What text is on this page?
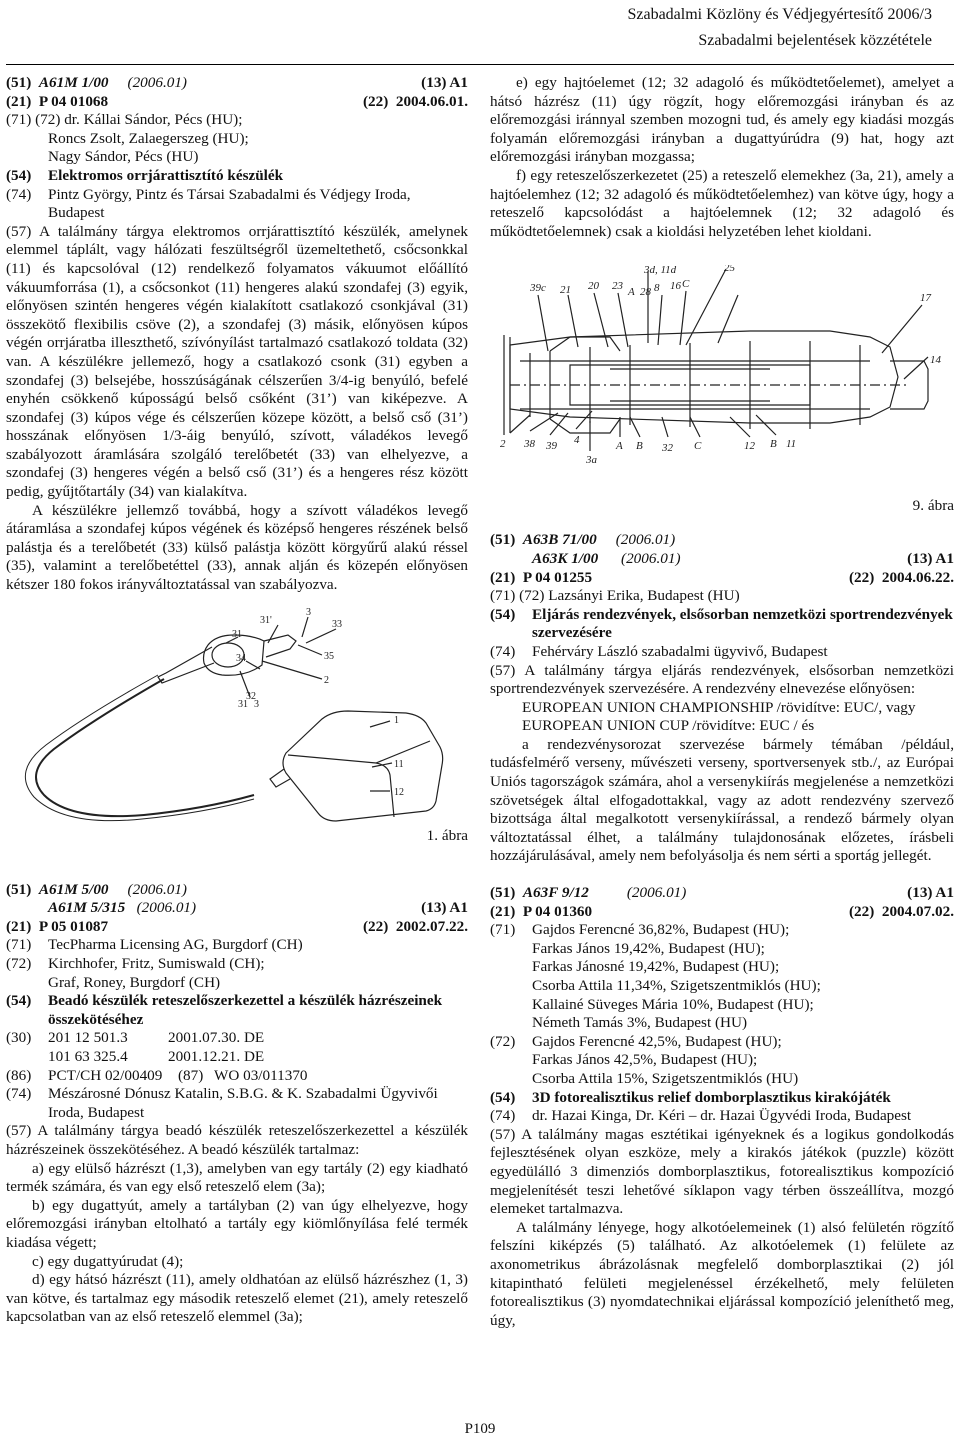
Szabadalmi Közlöny és Védjegyértesítő 2006/3
Szabadalmi bejelentések közzététele
(51) A61M 1/00 (2006.01)	(13) A1
(21) P 04 01068	(22) 2004.06.01.
(71) (72)
dr. Kállai Sándor, Pécs (HU);
Roncs Zsolt, Zalaegerszeg (HU);
Nagy Sándor, Pécs (HU)
(54)	Elektromos orrjárattisztító készülék
(74)	Pintz György, Pintz és Társai Szabadalmi és Védjegy Iroda,
Budapest

(57) A találmány tárgya elektromos orrjárattisztító készülék, amelynek elemmel táplált, vagy hálózati feszültségről üzemeltethető, csőcsonkkal (11) és kapcsolóval (12) rendelkező folyamatos vákuumot előállító vákuumforrása (1), a csőcsonkot (11) hengeres alakú szondafej (3) egyik, előnyösen szintén hengeres végén kialakított csatlakozó csonkjával (31) összekötő flexibilis csöve (2), a szondafej (3) másik, előnyösen kúpos végén orrjáratba illeszthető, szívónyílást tartalmazó csatlakozó toldata (32) van. A készülékre jellemező, hogy a csatlakozó csonk (31) egyben a szondafej (3) belsejébe, hosszúságának célszerűen 3/4-ig benyúló, befelé enyhén csökkenő kúposságú belső csőként (31’) van kiképezve. A szondafej (3) kúpos vége és célszerűen közepe között, a belső cső (31’) hosszának előnyösen 1/3-áig benyúló, szívott, váladékos levegő szabályozott áramlására szolgáló terelőbetét (33) van elhelyezve, a szondafej (3) hengeres végén a belső cső (31’) és a hengeres rész között pedig, gyűjtőtartály (34) van kialakítva.

A készülékre jellemző továbbá, hogy a szívott váladékos levegő átáramlása a szondafej kúpos végének és középső hengeres részének belső palástja és a terelőbetét (33) külső palástja között körgyűrű alakú réssel (35), valamint a terelőbetéttel (33), annak alján és közepén előnyösen kétszer 180 fokos irányváltoztatással van szabályozva.

31'
3
33
31
34	35
2
31 3
32
1
11
12
1. ábra
(51) A61M 5/00 (2006.01)
A61M 5/315 (2006.01)	(13) A1
(21) P 05 01087	(22) 2002.07.22.
(71)	TecPharma Licensing AG, Burgdorf (CH)
(72)	Kirchhofer, Fritz, Sumiswald (CH);
Graf, Roney, Burgdorf (CH)
(54)	Beadó készülék reteszelőszerkezettel a készülék házrészeinek összekötéséhez
(30)	201 12 501.3	2001.07.30. DE
101 63 325.4	2001.12.21. DE
(86)	PCT/CH 02/00409	(87) WO 03/011370
(74)	Mészárosné Dónusz Katalin, S.B.G. & K. Szabadalmi Ügyvivői
Iroda, Budapest

(57) A találmány tárgya beadó készülék reteszelőszerkezettel a készülék házrészeinek összekötéséhez. A beadó készülék tartalmaz:

a) egy elülső házrészt (1,3), amelyben van egy tartály (2) egy kiadható termék számára, és van egy első reteszelő elem (3a);

b) egy dugattyút, amely a tartályban (2) van úgy elhelyezve, hogy előremozgási irányban eltolható a tartály egy kiömlőnyílása felé termék kiadása végett;

c) egy dugattyúrudat (4);

d) egy hátsó házrészt (11), amely oldhatóan az elülső házrészhez (1, 3) van kötve, és tartalmaz egy második reteszelő elemet (21), amely reteszelő kapcsolatban van az első reteszelő elemmel (3a);

e) egy hajtóelemet (12; 32 adagoló és működtetőelemet), amelyet a hátsó házrész (11) úgy rögzít, hogy előremozgási irányban és az előremozgási iránnyal szemben mozogni tud, és amely egy kiadási mozgás folyamán előremozgási irányban a dugattyúrúdra (9) hat, hogy azt előremozgási irányban mozgassa;

f) egy reteszelőszerkezetet (25) a reteszelő elemekhez (3a, 21), amely a hajtóelemhez (12; 32 adagoló és működtetőelemhez) van kötve úgy, hogy a reteszelő kapcsolódást a hajtóelemnek (12; 32 adagoló és működtetőelemnek) csak a kioldási helyzetében lehet kioldani.

3d, 11d
39c 21 20 23 A 28 8 16 C
25
17
14
2 38 39 4
3a
A B 32 C	12 B 11
9. ábra
(51) A63B 71/00 (2006.01)
A63K 1/00 (2006.01)	(13) A1
(21) P 04 01255	(22) 2004.06.22.
(71) (72)
Lazsányi Erika, Budapest (HU)
(54)	Eljárás rendezvények, elsősorban nemzetközi sportrendezvények szervezésére
(74)	Fehérváry László szabadalmi ügyvivő, Budapest

(57) A találmány tárgya eljárás rendezvények, elsősorban nemzetközi sportrendezvények szervezésére. A rendezvény elnevezése előnyösen:

EUROPEAN UNION CHAMPIONSHIP /rövidítve: EUC/, vagy
EUROPEAN UNION CUP /rövidítve: EUC / és

a rendezvénysorozat szervezése bármely témában /például, tudásfelmérő verseny, művészeti verseny, sportversenyek stb./, az Európai Uniós tagországok számára, ahol a versenykiírás megjelenése a nemzetközi szövetségek által elfogadottakkal, vagy az adott rendezvény szervező bizottsága által megalkotott versenykiírással, a rendező bármely olyan változtatással élhet, a találmány tulajdonosának előzetes, írásbeli hozzájárulásával, amely nem befolyásolja és nem sérti a sportág jellegét.

(51) A63F 9/12 (2006.01)	(13) A1
(21) P 04 01360	(22) 2004.07.02.
(71)	Gajdos Ferencné 36,82%, Budapest (HU);
Farkas János 19,42%, Budapest (HU);
Farkas Jánosné 19,42%, Budapest (HU);
Csorba Attila 11,34%, Szigetszentmiklós (HU);
Kallainé Süveges Mária 10%, Budapest (HU);
Németh Tamás 3%, Budapest (HU)
(72)	Gajdos Ferencné 42,5%, Budapest (HU);
Farkas János 42,5%, Budapest (HU);
Csorba Attila 15%, Szigetszentmiklós (HU)
(54)	3D fotorealisztikus relief domborplasztikus kirakójáték
(74)	dr. Hazai Kinga, Dr. Kéri – dr. Hazai Ügyvédi Iroda, Budapest

(57) A találmány magas esztétikai igényeknek és a logikus gondolkodás fejlesztésének olyan eszköze, mely a kirakós játékok (puzzle) között egyedülálló 3 dimenziós domborplasztikus, fotorealisztikus kompozíció megjelenítését teszi lehetővé síklapon vagy térben összeállítva, mozgó elemeket tartalmazva.

A találmány lényege, hogy alkotóelemeinek (1) alsó felületén rögzítő felszíni kiképzés (5) található. Az alkotóelemek (1) felülete az axonometrikus ábrázolásnak megfelelő domborplasztikai (2) jól kitapintható felületi megjelenéssel érzékelhető, mely felületen fotorealisztikus (3) nyomdatechnikai eljárással kompozíció jeleníthető meg, úgy,

P109
